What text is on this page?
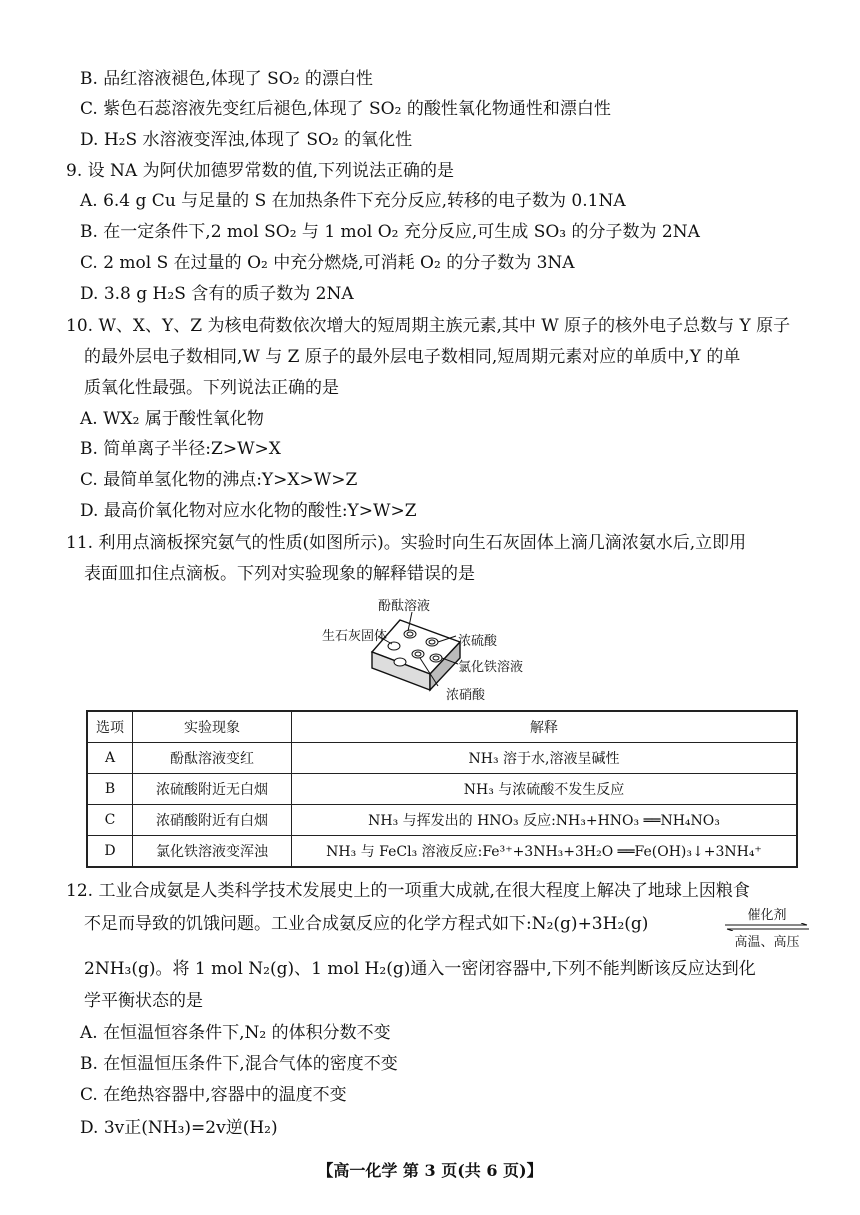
B. 品红溶液褪色,体现了 SO₂ 的漂白性
C. 紫色石蕊溶液先变红后褪色,体现了 SO₂ 的酸性氧化物通性和漂白性
D. H₂S 水溶液变浑浊,体现了 SO₂ 的氧化性
9. 设 NA 为阿伏加德罗常数的值,下列说法正确的是
A. 6.4 g Cu 与足量的 S 在加热条件下充分反应,转移的电子数为 0.1NA
B. 在一定条件下,2 mol SO₂ 与 1 mol O₂ 充分反应,可生成 SO₃ 的分子数为 2NA
C. 2 mol S 在过量的 O₂ 中充分燃烧,可消耗 O₂ 的分子数为 3NA
D. 3.8 g H₂S 含有的质子数为 2NA
10. W、X、Y、Z 为核电荷数依次增大的短周期主族元素,其中 W 原子的核外电子总数与 Y 原子
的最外层电子数相同,W 与 Z 原子的最外层电子数相同,短周期元素对应的单质中,Y 的单
质氧化性最强。下列说法正确的是
A. WX₂ 属于酸性氧化物
B. 简单离子半径:Z>W>X
C. 最简单氢化物的沸点:Y>X>W>Z
D. 最高价氧化物对应水化物的酸性:Y>W>Z
11. 利用点滴板探究氨气的性质(如图所示)。实验时向生石灰固体上滴几滴浓氨水后,立即用
表面皿扣住点滴板。下列对实验现象的解释错误的是
酚酞溶液
生石灰固体	浓硫酸
氯化铁溶液
浓硝酸
选项	实验现象	解释
A	酚酞溶液变红	NH₃ 溶于水,溶液呈碱性
B	浓硫酸附近无白烟	NH₃ 与浓硫酸不发生反应
C	浓硝酸附近有白烟	NH₃ 与挥发出的 HNO₃ 反应:NH₃+HNO₃ ══NH₄NO₃
D	氯化铁溶液变浑浊	NH₃ 与 FeCl₃ 溶液反应:Fe³⁺+3NH₃+3H₂O ══Fe(OH)₃↓+3NH₄⁺
12. 工业合成氨是人类科学技术发展史上的一项重大成就,在很大程度上解决了地球上因粮食
不足而导致的饥饿问题。工业合成氨反应的化学方程式如下:N₂(g)+3H₂(g)	催化剂
高温、高压
2NH₃(g)。将 1 mol N₂(g)、1 mol H₂(g)通入一密闭容器中,下列不能判断该反应达到化
学平衡状态的是
A. 在恒温恒容条件下,N₂ 的体积分数不变
B. 在恒温恒压条件下,混合气体的密度不变
C. 在绝热容器中,容器中的温度不变
D. 3v正(NH₃)=2v逆(H₂)
【高一化学 第 3 页(共 6 页)】
